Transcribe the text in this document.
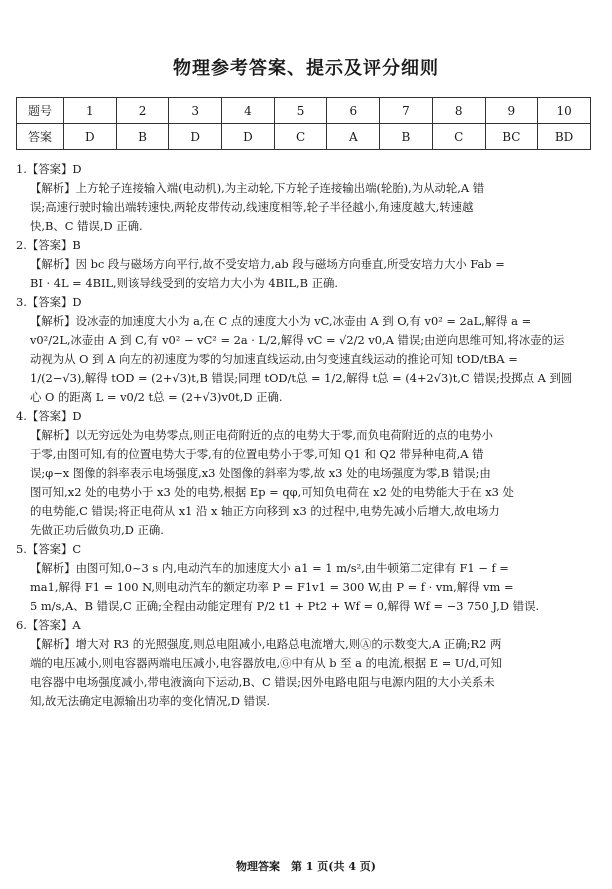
物理参考答案、提示及评分细则
题号	1	2	3	4	5	6	7	8	9	10
答案	D	B	D	D	C	A	B	C	BC	BD

1.【答案】D

【解析】上方轮子连接输入端(电动机),为主动轮,下方轮子连接输出端(轮胎),为从动轮,A 错

误;高速行驶时输出端转速快,两轮皮带传动,线速度相等,轮子半径越小,角速度越大,转速越

快,B、C 错误,D 正确.

2.【答案】B

【解析】因 bc 段与磁场方向平行,故不受安培力,ab 段与磁场方向垂直,所受安培力大小 Fab =

BI · 4L = 4BIL,则该导线受到的安培力大小为 4BIL,B 正确.

3.【答案】D

【解析】设冰壶的加速度大小为 a,在 C 点的速度大小为 vC,冰壶由 A 到 O,有 v0² = 2aL,解得 a =

v0²/2L,冰壶由 A 到 C,有 v0² − vC² = 2a · L/2,解得 vC = √2/2 v0,A 错误;由逆向思维可知,将冰壶的运

动视为从 O 到 A 向左的初速度为零的匀加速直线运动,由匀变速直线运动的推论可知 tOD/tBA =

1/(2−√3),解得 tOD = (2+√3)t,B 错误;同理 tOD/t总 = 1/2,解得 t总 = (4+2√3)t,C 错误;投掷点 A 到圆

心 O 的距离 L = v0/2 t总 = (2+√3)v0t,D 正确.

4.【答案】D

【解析】以无穷远处为电势零点,则正电荷附近的点的电势大于零,而负电荷附近的点的电势小

于零,由图可知,有的位置电势大于零,有的位置电势小于零,可知 Q1 和 Q2 带异种电荷,A 错

误;φ−x 图像的斜率表示电场强度,x3 处图像的斜率为零,故 x3 处的电场强度为零,B 错误;由

图可知,x2 处的电势小于 x3 处的电势,根据 Ep = qφ,可知负电荷在 x2 处的电势能大于在 x3 处

的电势能,C 错误;将正电荷从 x1 沿 x 轴正方向移到 x3 的过程中,电势先减小后增大,故电场力

先做正功后做负功,D 正确.

5.【答案】C

【解析】由图可知,0~3 s 内,电动汽车的加速度大小 a1 = 1 m/s²,由牛顿第二定律有 F1 − f =

ma1,解得 F1 = 100 N,则电动汽车的额定功率 P = F1v1 = 300 W,由 P = f · vm,解得 vm =

5 m/s,A、B 错误,C 正确;全程由动能定理有 P/2 t1 + Pt2 + Wf = 0,解得 Wf = −3 750 J,D 错误.

6.【答案】A

【解析】增大对 R3 的光照强度,则总电阻减小,电路总电流增大,则Ⓐ的示数变大,A 正确;R2 两

端的电压减小,则电容器两端电压减小,电容器放电,Ⓖ中有从 b 至 a 的电流,根据 E = U/d,可知

电容器中电场强度减小,带电液滴向下运动,B、C 错误;因外电路电阻与电源内阻的大小关系未

知,故无法确定电源输出功率的变化情况,D 错误.

物理答案　第 1 页(共 4 页)
